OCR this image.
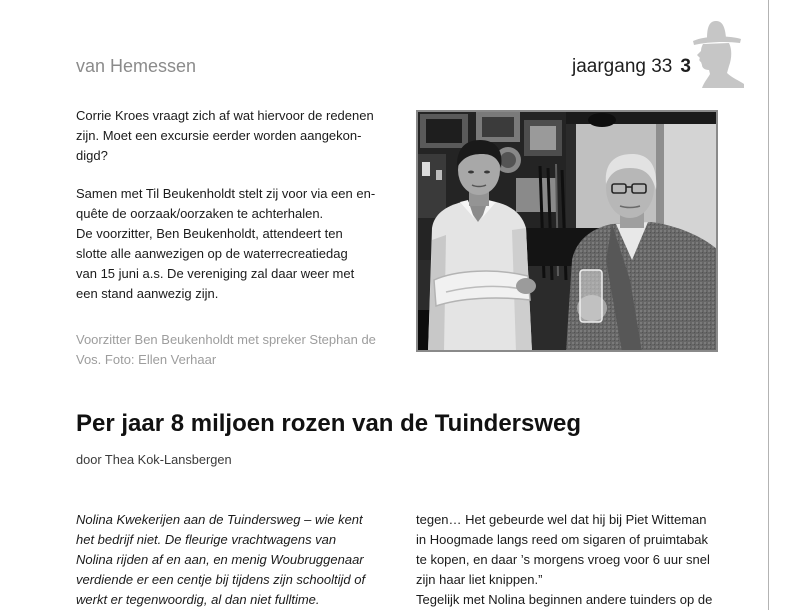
van Hemessen	jaargang 33 3
Corrie Kroes vraagt zich af wat hiervoor de redenen
zijn. Moet een excursie eerder worden aangekon-
digd?
Samen met Til Beukenholdt stelt zij voor via een en-
quête de oorzaak/oorzaken te achterhalen.
De voorzitter, Ben Beukenholdt, attendeert ten
slotte alle aanwezigen op de waterrecreatiedag
van 15 juni a.s. De vereniging zal daar weer met
een stand aanwezig zijn.
Voorzitter Ben Beukenholdt met spreker Stephan de
Vos. Foto: Ellen Verhaar
Per jaar 8 miljoen rozen van de Tuindersweg
door Thea Kok-Lansbergen
Nolina Kwekerijen aan de Tuindersweg – wie kent
het bedrijf niet. De fleurige vrachtwagens van
Nolina rijden af en aan, en menig Woubruggenaar
verdiende er een centje bij tijdens zijn schooltijd of
werkt er tegenwoordig, al dan niet fulltime.
tegen… Het gebeurde wel dat hij bij Piet Witteman
in Hoogmade langs reed om sigaren of pruimtabak
te kopen, en daar ’s morgens vroeg voor 6 uur snel
zijn haar liet knippen.”
Tegelijk met Nolina beginnen andere tuinders op de
